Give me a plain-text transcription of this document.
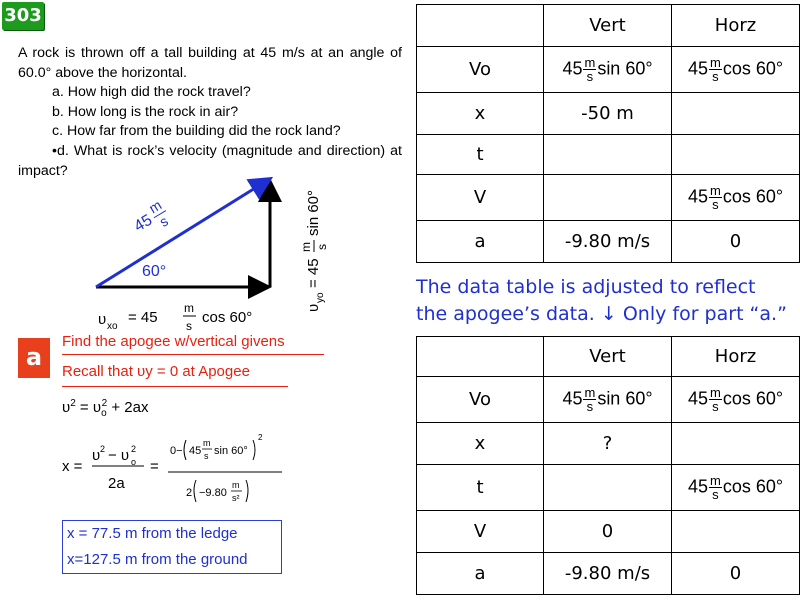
303

A rock is thrown off a tall building at 45 m/s at an angle of 60.0° above the horizontal.

a. How high did the rock travel?

b. How long is the rock in air?

c. How far from the building did the rock land?

•d. What is rock’s velocity (magnitude and direction) at impact?

45
m
s
60°
υ
yo
= 45
m s
sin 60°
υ xo
= 45
m
s cos 60°
a
Find the apogee w/vertical givens
Recall that υy = 0 at Apogee
$\upsilon^2 = \upsilon_o^2 + 2ax$
x =
υ 2 − υ o
2
2a
=
0− 45
m
s sin 60°
2
2 −9.80
m
s²
x = 77.5 m from the ledge
x=127.5 m from the ground
	Vert	Horz
Vo	$45 \frac{m}{s}$ sin 60°	$45 \frac{m}{s}$ cos 60°
x	-50 m	
t		
V		$45 \frac{m}{s}$ cos 60°
a	-9.80 m/s	0
The data table is adjusted to reflect
the apogee’s data. ↓ Only for part “a.”
	Vert	Horz
Vo	$45 \frac{m}{s}$ sin 60°	$45 \frac{m}{s}$ cos 60°
x	?	
t		$45 \frac{m}{s}$ cos 60°
V	0	
a	-9.80 m/s	0
